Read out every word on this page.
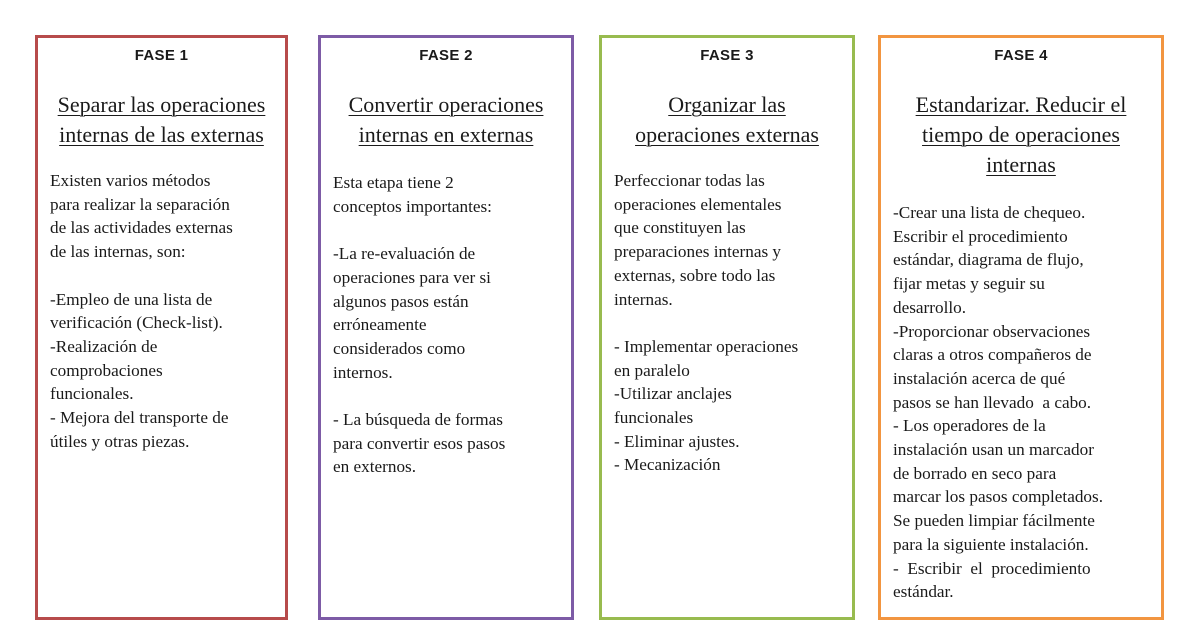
FASE 1
Separar las operaciones
internas de las externas
Existen varios métodos
para realizar la separación
de las actividades externas
de las internas, son:
-Empleo de una lista de
verificación (Check-list).
-Realización de
comprobaciones
funcionales.
- Mejora del transporte de
útiles y otras piezas.
FASE 2
Convertir operaciones
internas en externas
Esta etapa tiene 2
conceptos importantes:
-La re-evaluación de
operaciones para ver si
algunos pasos están
erróneamente
considerados como
internos.
- La búsqueda de formas
para convertir esos pasos
en externos.
FASE 3
Organizar las
operaciones externas
Perfeccionar todas las
operaciones elementales
que constituyen las
preparaciones internas y
externas, sobre todo las
internas.
- Implementar operaciones
en paralelo
-Utilizar anclajes
funcionales
- Eliminar ajustes.
- Mecanización
FASE 4
Estandarizar. Reducir el
tiempo de operaciones
internas
-Crear una lista de chequeo.
Escribir el procedimiento
estándar, diagrama de flujo,
fijar metas y seguir su
desarrollo.
-Proporcionar observaciones
claras a otros compañeros de
instalación acerca de qué
pasos se han llevado  a cabo.
- Los operadores de la
instalación usan un marcador
de borrado en seco para
marcar los pasos completados.
Se pueden limpiar fácilmente
para la siguiente instalación.
-  Escribir  el  procedimiento
estándar.
